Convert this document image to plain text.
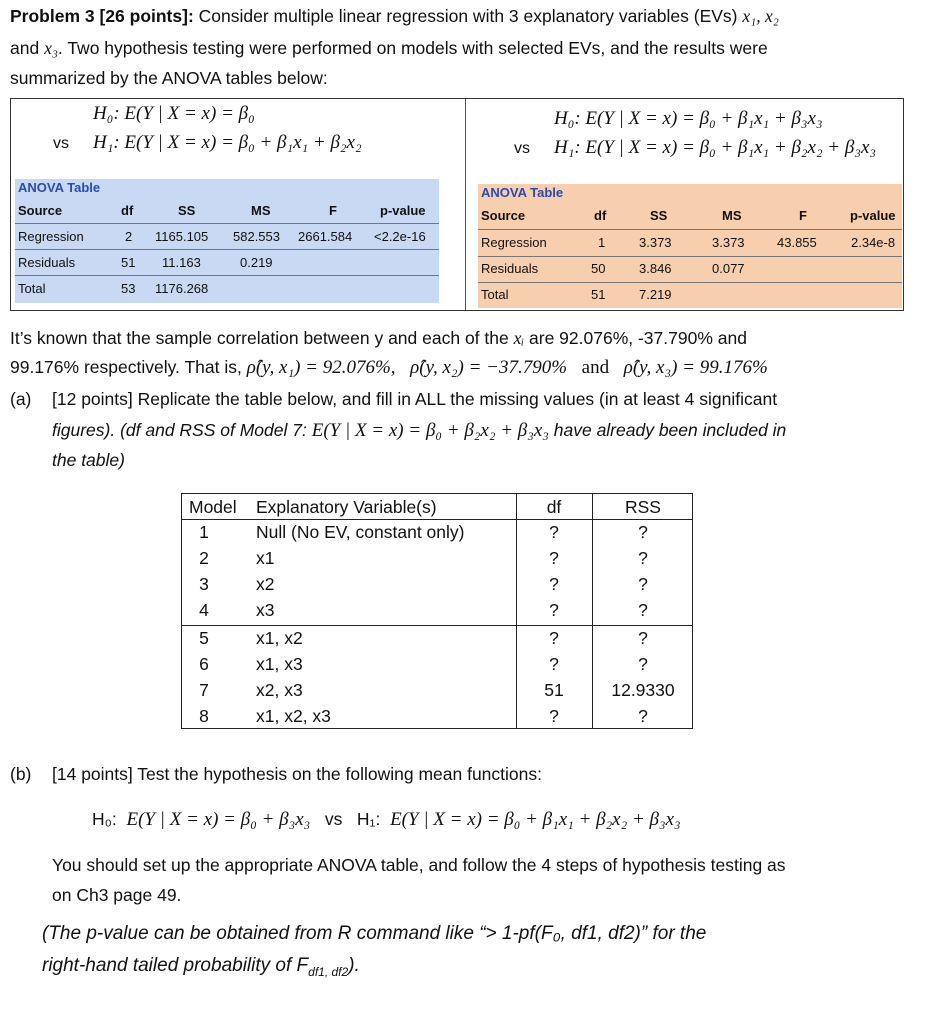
Problem 3 [26 points]: Consider multiple linear regression with 3 explanatory variables (EVs) x₁, x₂
and x₃. Two hypothesis testing were performed on models with selected EVs, and the results were
summarized by the ANOVA tables below:
H₀: E(Y | X = x) = β₀
vs H₁: E(Y | X = x) = β₀ + β₁x₁ + β₂x₂
H₀: E(Y | X = x) = β₀ + β₁x₁ + β₃x₃
vs H₁: E(Y | X = x) = β₀ + β₁x₁ + β₂x₂ + β₃x₃
ANOVA Table
Source	df	SS	MS	F	p-value
Regression	2 1165.105 582.553 2661.584 <2.2e-16
Residuals	51 11.163	0.219
Total	53 1176.268
ANOVA Table
Source	df	SS	MS	F	p-value
Regression	1	3.373	3.373 43.855	2.34e-8
Residuals	50	3.846	0.077
Total	51	7.219
It’s known that the sample correlation between y and each of the xᵢ are 92.076%, -37.790% and
99.176% respectively. That is, ρ̂(y, x₁) = 92.076%, ρ̂(y, x₂) = −37.790% and ρ̂(y, x₃) = 99.176%
(a) [12 points] Replicate the table below, and fill in ALL the missing values (in at least 4 significant
figures). (df and RSS of Model 7: E(Y | X = x) = β₀ + β₂x₂ + β₃x₃ have already been included in
the table)
Model Explanatory Variable(s)	df	RSS
1	Null (No EV, constant only)	?	?
2	x1	?	?
3	x2	?	?
4	x3	?	?
5	x1, x2	?	?
6	x1, x3	?	?
7	x2, x3	51	12.9330
8	x1, x2, x3	?	?
(b) [14 points] Test the hypothesis on the following mean functions:
H₀: E(Y | X = x) = β₀ + β₃x₃ vs H₁: E(Y | X = x) = β₀ + β₁x₁ + β₂x₂ + β₃x₃
You should set up the appropriate ANOVA table, and follow the 4 steps of hypothesis testing as
on Ch3 page 49.
(The p-value can be obtained from R command like “> 1-pf(F₀, df1, df2)” for the
right-hand tailed probability of $F_{df1, df2}$).
